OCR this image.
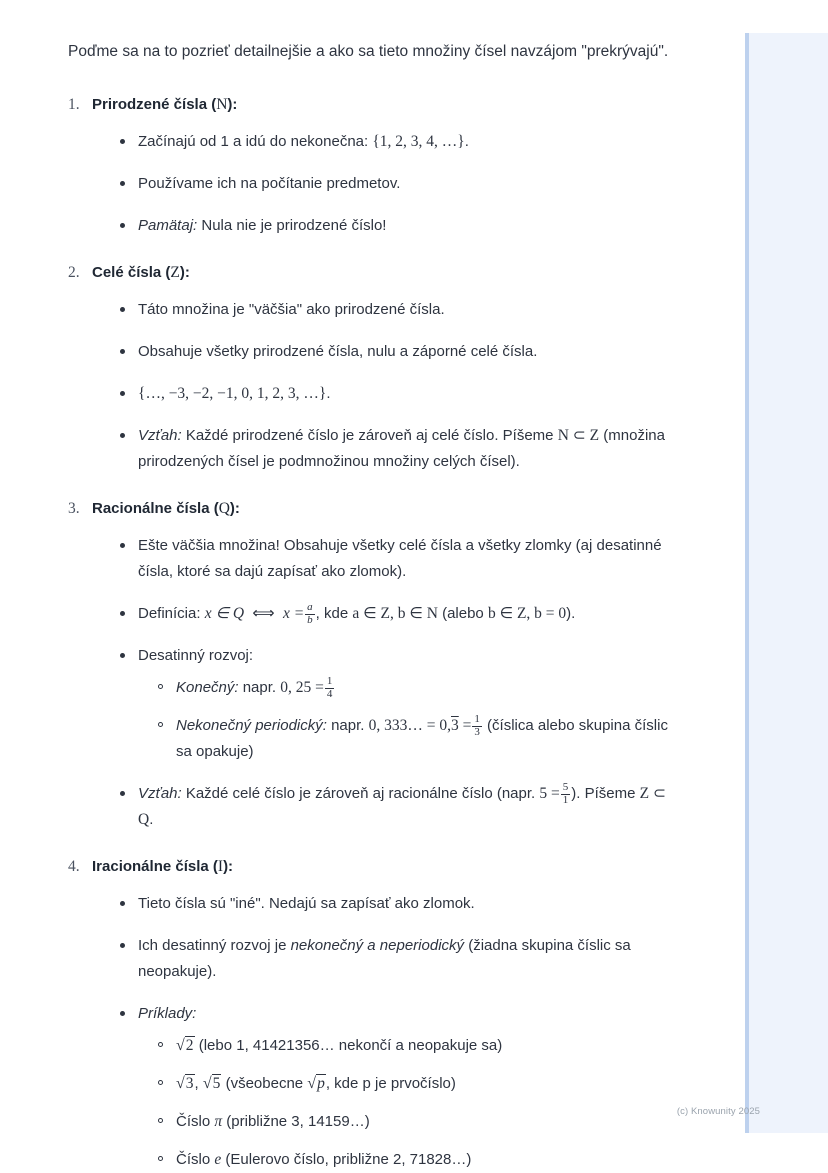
Poďme sa na to pozrieť detailnejšie a ako sa tieto množiny čísel navzájom "prekrývajú".

Prirodzené čísla (N):
Začínajú od 1 a idú do nekonečna: {1, 2, 3, 4, …}.
Používame ich na počítanie predmetov.
Pamätaj: Nula nie je prirodzené číslo!
Celé čísla (Z):
Táto množina je "väčšia" ako prirodzené čísla.
Obsahuje všetky prirodzené čísla, nulu a záporné celé čísla.
{…, −3, −2, −1, 0, 1, 2, 3, …}.
Vzťah: Každé prirodzené číslo je zároveň aj celé číslo. Píšeme N ⊂ Z (množina prirodzených čísel je podmnožinou množiny celých čísel).
Racionálne čísla (Q):
Ešte väčšia množina! Obsahuje všetky celé čísla a všetky zlomky (aj desatinné čísla, ktoré sa dajú zapísať ako zlomok).
Definícia: x ∈ Q ⟺ $x = \frac{a}{b}$ , kde a ∈ Z, b ∈ N (alebo b ∈ Z, b = 0).
Desatinný rozvoj:
Konečný: napr. 0, $25 = \frac{1}{4}$
Nekonečný periodický: napr. 0, 333… = $0,3 = \frac{1}{3}$ (číslica alebo skupina číslic sa opakuje)
Vzťah: Každé celé číslo je zároveň aj racionálne číslo (napr. $5 = \frac{5}{1}$ ). Píšeme Z ⊂ Q.
Iracionálne čísla (I):
Tieto čísla sú "iné". Nedajú sa zapísať ako zlomok.
Ich desatinný rozvoj je nekonečný a neperiodický (žiadna skupina číslic sa neopakuje).
Príklady:
√2 (lebo 1, 41421356… nekončí a neopakuje sa)
√3, √5 (všeobecne √p, kde p je prvočíslo)
Číslo π (približne 3, 14159…)
Číslo e (Eulerovo číslo, približne 2, 71828…)
(c) Knowunity 2025
